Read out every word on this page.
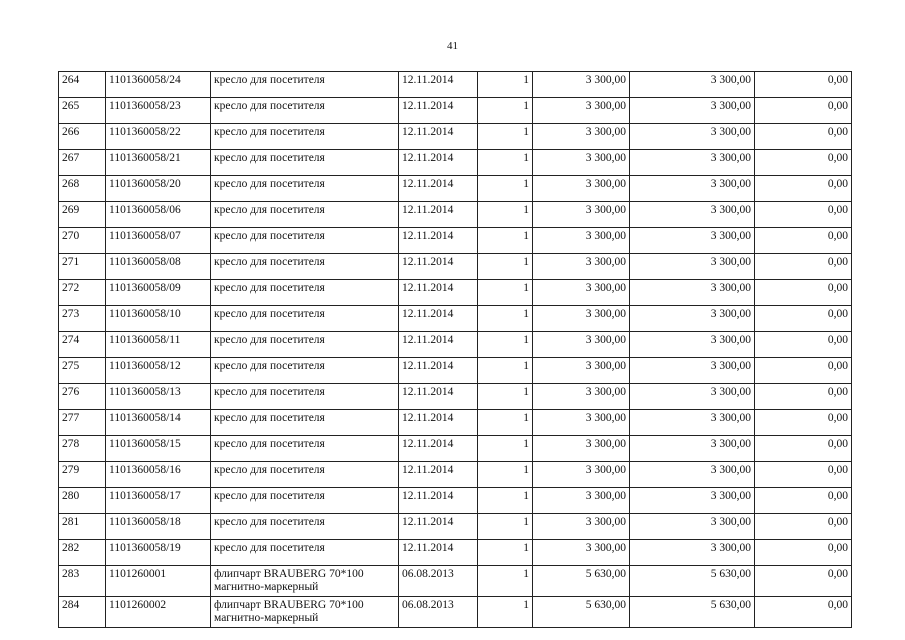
41
264	1101360058/24	кресло для посетителя	12.11.2014	1	3 300,00	3 300,00	0,00
265	1101360058/23	кресло для посетителя	12.11.2014	1	3 300,00	3 300,00	0,00
266	1101360058/22	кресло для посетителя	12.11.2014	1	3 300,00	3 300,00	0,00
267	1101360058/21	кресло для посетителя	12.11.2014	1	3 300,00	3 300,00	0,00
268	1101360058/20	кресло для посетителя	12.11.2014	1	3 300,00	3 300,00	0,00
269	1101360058/06	кресло для посетителя	12.11.2014	1	3 300,00	3 300,00	0,00
270	1101360058/07	кресло для посетителя	12.11.2014	1	3 300,00	3 300,00	0,00
271	1101360058/08	кресло для посетителя	12.11.2014	1	3 300,00	3 300,00	0,00
272	1101360058/09	кресло для посетителя	12.11.2014	1	3 300,00	3 300,00	0,00
273	1101360058/10	кресло для посетителя	12.11.2014	1	3 300,00	3 300,00	0,00
274	1101360058/11	кресло для посетителя	12.11.2014	1	3 300,00	3 300,00	0,00
275	1101360058/12	кресло для посетителя	12.11.2014	1	3 300,00	3 300,00	0,00
276	1101360058/13	кресло для посетителя	12.11.2014	1	3 300,00	3 300,00	0,00
277	1101360058/14	кресло для посетителя	12.11.2014	1	3 300,00	3 300,00	0,00
278	1101360058/15	кресло для посетителя	12.11.2014	1	3 300,00	3 300,00	0,00
279	1101360058/16	кресло для посетителя	12.11.2014	1	3 300,00	3 300,00	0,00
280	1101360058/17	кресло для посетителя	12.11.2014	1	3 300,00	3 300,00	0,00
281	1101360058/18	кресло для посетителя	12.11.2014	1	3 300,00	3 300,00	0,00
282	1101360058/19	кресло для посетителя	12.11.2014	1	3 300,00	3 300,00	0,00
283	1101260001	флипчарт BRAUBERG 70*100 магнитно-маркерный	06.08.2013	1	5 630,00	5 630,00	0,00
284	1101260002	флипчарт BRAUBERG 70*100 магнитно-маркерный	06.08.2013	1	5 630,00	5 630,00	0,00
